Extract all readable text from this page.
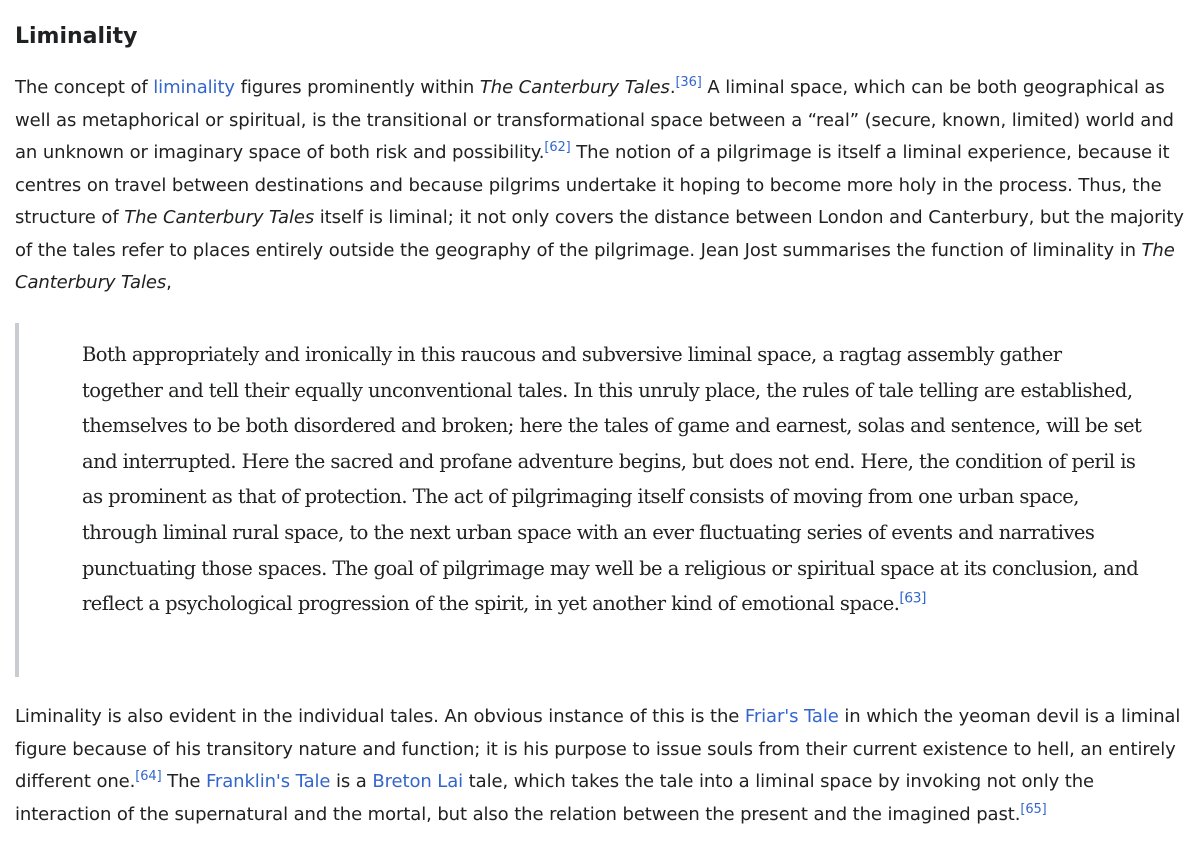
Liminality

The concept of liminality figures prominently within The Canterbury Tales.[36] A liminal space, which can be both geographical as well as metaphorical or spiritual, is the transitional or transformational space between a “real” (secure, known, limited) world and an unknown or imaginary space of both risk and possibility.[62] The notion of a pilgrimage is itself a liminal experience, because it centres on travel between destinations and because pilgrims undertake it hoping to become more holy in the process. Thus, the structure of The Canterbury Tales itself is liminal; it not only covers the distance between London and Canterbury, but the majority of the tales refer to places entirely outside the geography of the pilgrimage. Jean Jost summarises the function of liminality in The Canterbury Tales,

Both appropriately and ironically in this raucous and subversive liminal space, a ragtag assembly gather together and tell their equally unconventional tales. In this unruly place, the rules of tale telling are established, themselves to be both disordered and broken; here the tales of game and earnest, solas and sentence, will be set and interrupted. Here the sacred and profane adventure begins, but does not end. Here, the condition of peril is as prominent as that of protection. The act of pilgrimaging itself consists of moving from one urban space, through liminal rural space, to the next urban space with an ever fluctuating series of events and narratives punctuating those spaces. The goal of pilgrimage may well be a religious or spiritual space at its conclusion, and reflect a psychological progression of the spirit, in yet another kind of emotional space.[63]

Liminality is also evident in the individual tales. An obvious instance of this is the Friar's Tale in which the yeoman devil is a liminal figure because of his transitory nature and function; it is his purpose to issue souls from their current existence to hell, an entirely different one.[64] The Franklin's Tale is a Breton Lai tale, which takes the tale into a liminal space by invoking not only the interaction of the supernatural and the mortal, but also the relation between the present and the imagined past.[65]
